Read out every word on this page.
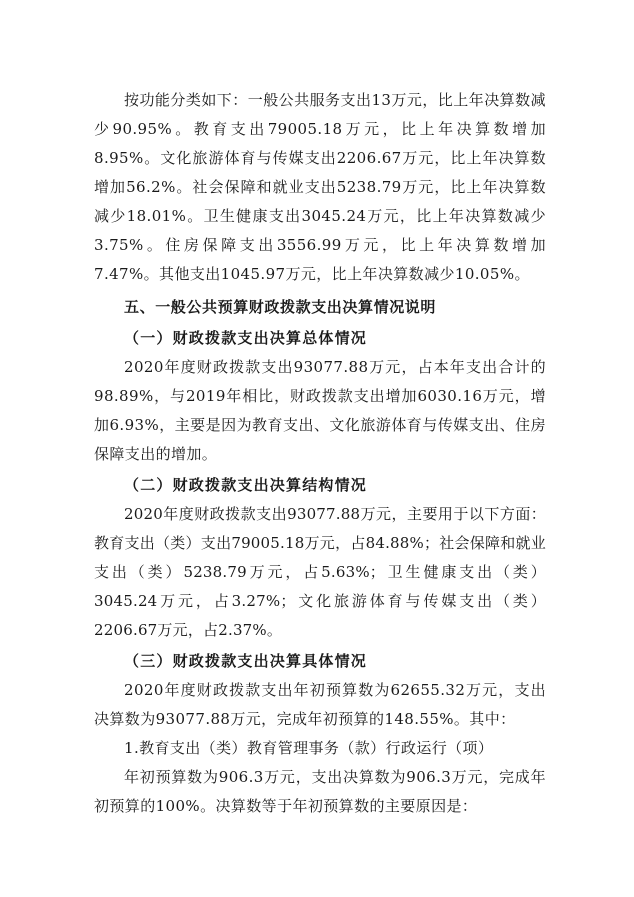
按功能分类如下：一般公共服务支出13万元，比上年决算数减少90.95%。教育支出79005.18万元，比上年决算数增加8.95%。文化旅游体育与传媒支出2206.67万元，比上年决算数增加56.2%。社会保障和就业支出5238.79万元，比上年决算数减少18.01%。卫生健康支出3045.24万元，比上年决算数减少3.75%。住房保障支出3556.99万元，比上年决算数增加7.47%。其他支出1045.97万元，比上年决算数减少10.05%。

五、一般公共预算财政拨款支出决算情况说明

（一）财政拨款支出决算总体情况

2020年度财政拨款支出93077.88万元，占本年支出合计的98.89%，与2019年相比，财政拨款支出增加6030.16万元，增加6.93%，主要是因为教育支出、文化旅游体育与传媒支出、住房保障支出的增加。

（二）财政拨款支出决算结构情况

2020年度财政拨款支出93077.88万元，主要用于以下方面：教育支出（类）支出79005.18万元，占84.88%；社会保障和就业支出（类）5238.79万元，占5.63%；卫生健康支出（类）3045.24万元，占3.27%；文化旅游体育与传媒支出（类）2206.67万元，占2.37%。

（三）财政拨款支出决算具体情况

2020年度财政拨款支出年初预算数为62655.32万元，支出决算数为93077.88万元，完成年初预算的148.55%。其中：

1.教育支出（类）教育管理事务（款）行政运行（项）

年初预算数为906.3万元，支出决算数为906.3万元，完成年初预算的100%。决算数等于年初预算数的主要原因是：
